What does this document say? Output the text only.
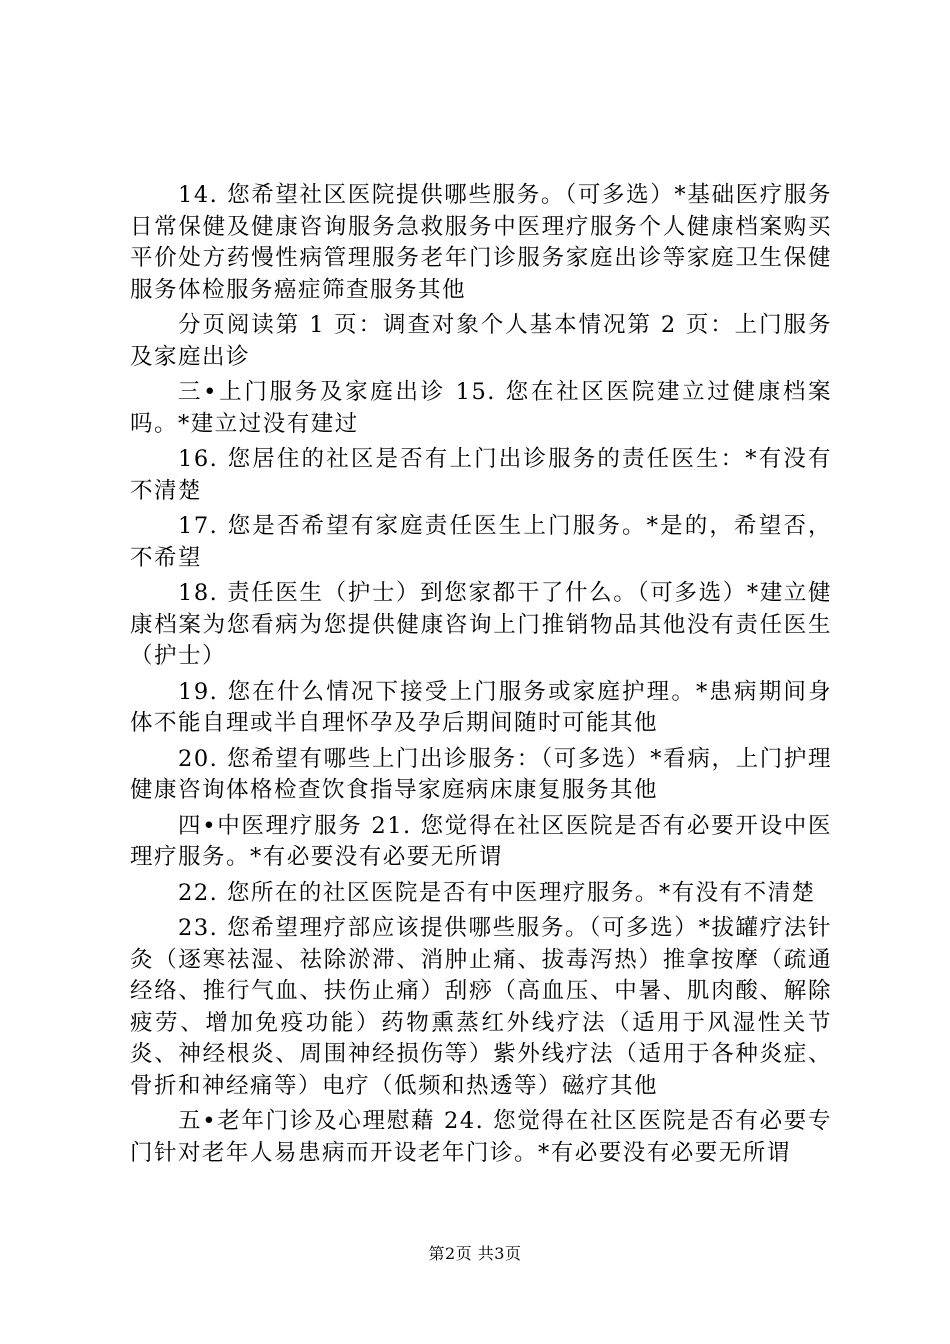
14. 您希望社区医院提供哪些服务。（可多选）*基础医疗服务日常保健及健康咨询服务急救服务中医理疗服务个人健康档案购买平价处方药慢性病管理服务老年门诊服务家庭出诊等家庭卫生保健服务体检服务癌症筛查服务其他

分页阅读第 1 页：调查对象个人基本情况第 2 页：上门服务及家庭出诊

三•上门服务及家庭出诊 15. 您在社区医院建立过健康档案吗。*建立过没有建过

16. 您居住的社区是否有上门出诊服务的责任医生：*有没有不清楚

17. 您是否希望有家庭责任医生上门服务。*是的，希望否，不希望

18. 责任医生（护士）到您家都干了什么。（可多选）*建立健康档案为您看病为您提供健康咨询上门推销物品其他没有责任医生（护士）

19. 您在什么情况下接受上门服务或家庭护理。*患病期间身体不能自理或半自理怀孕及孕后期间随时可能其他

20. 您希望有哪些上门出诊服务：（可多选）*看病，上门护理健康咨询体格检查饮食指导家庭病床康复服务其他

四•中医理疗服务 21. 您觉得在社区医院是否有必要开设中医理疗服务。*有必要没有必要无所谓

22. 您所在的社区医院是否有中医理疗服务。*有没有不清楚

23. 您希望理疗部应该提供哪些服务。（可多选）*拔罐疗法针灸（逐寒祛湿、祛除淤滞、消肿止痛、拔毒泻热）推拿按摩（疏通经络、推行气血、扶伤止痛）刮痧（高血压、中暑、肌肉酸、解除疲劳、增加免疫功能）药物熏蒸红外线疗法（适用于风湿性关节炎、神经根炎、周围神经损伤等）紫外线疗法（适用于各种炎症、骨折和神经痛等）电疗（低频和热透等）磁疗其他

五•老年门诊及心理慰藉 24. 您觉得在社区医院是否有必要专门针对老年人易患病而开设老年门诊。*有必要没有必要无所谓

第2页 共3页
